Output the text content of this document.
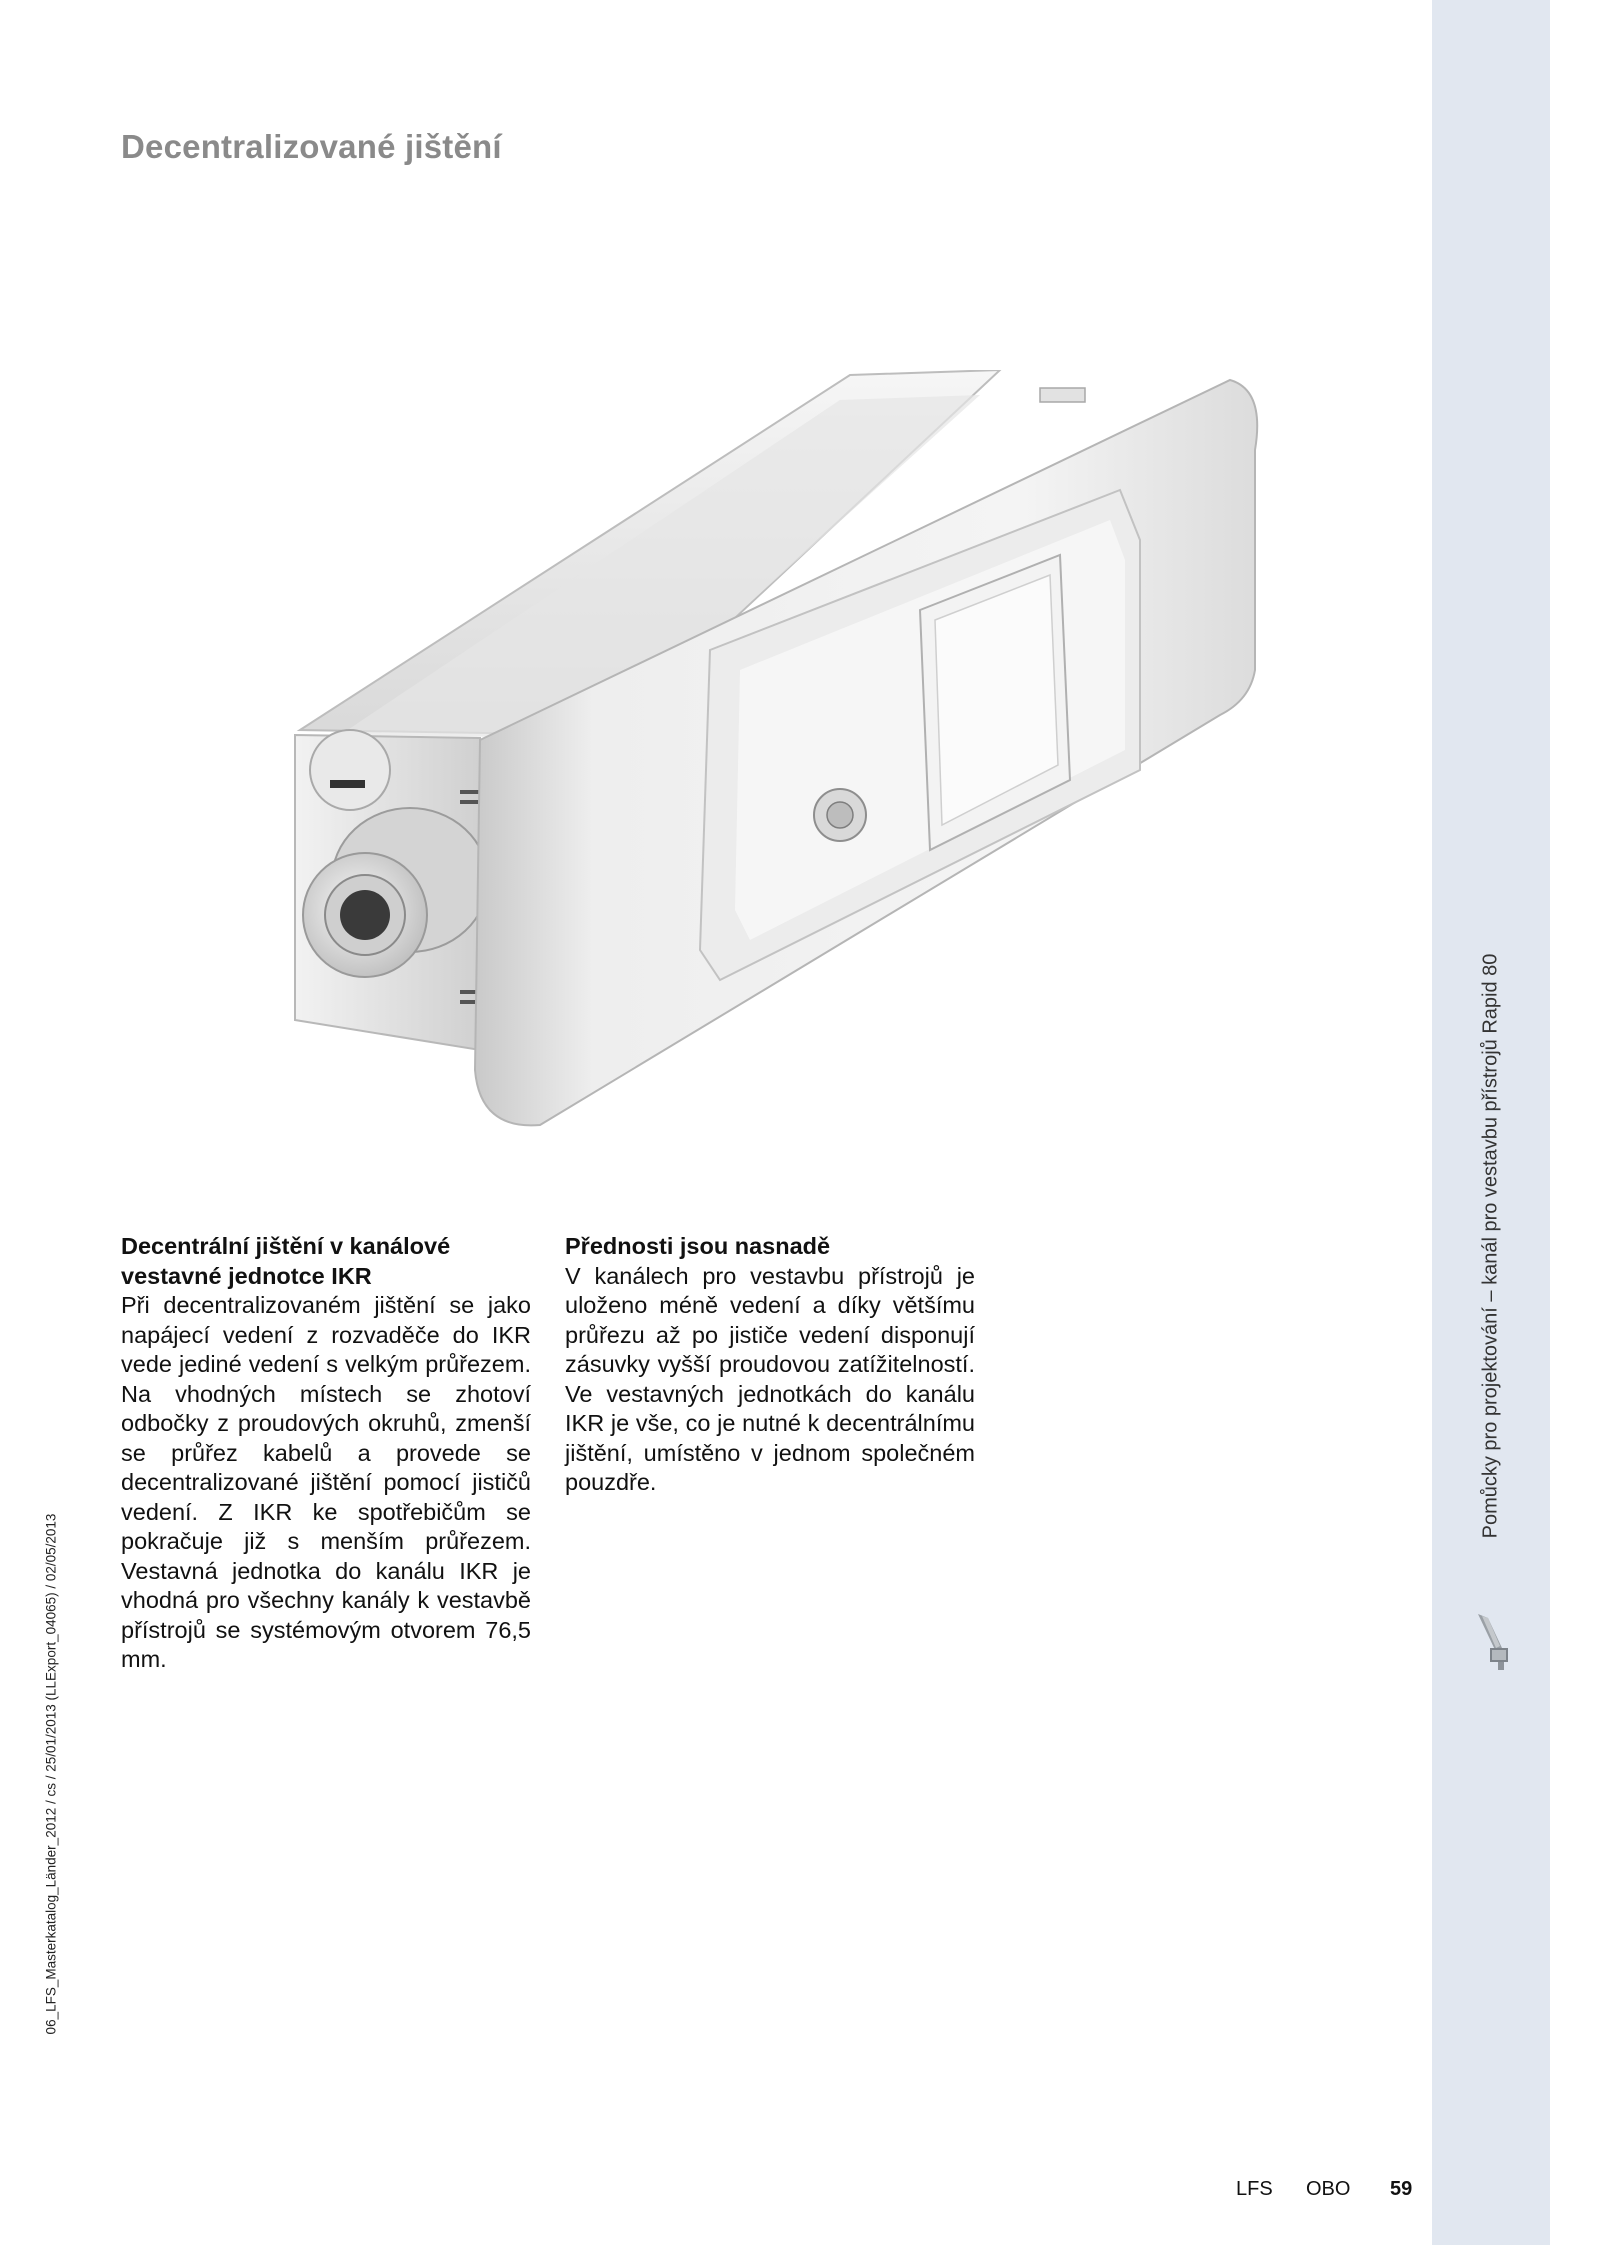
Decentralizované jištění
Pomůcky pro projektování – kanál pro vestavbu přístrojů Rapid 80
06_LFS_Masterkatalog_Länder_2012 / cs / 25/01/2013 (LLExport_04065) / 02/05/2013
Decentrální jištění v kanálové vestavné jednotce IKR

Při decentralizovaném jištění se jako napájecí vedení z rozvaděče do IKR vede jediné vedení s velkým průřezem. Na vhodných místech se zhotoví odbočky z proudových okruhů, zmenší se průřez kabelů a provede se decentralizované jištění pomocí jističů vedení. Z IKR ke spotřebičům se pokračuje již s menším průřezem. Vestavná jednotka do kanálu IKR je vhodná pro všechny kanály k vestavbě přístrojů se systémovým otvorem 76,5 mm.

Přednosti jsou nasnadě

V kanálech pro vestavbu přístrojů je uloženo méně vedení a díky většímu průřezu až po jističe vedení disponují zásuvky vyšší proudovou zatížitelností. Ve vestavných jednotkách do kanálu IKR je vše, co je nutné k decentrálnímu jištění, umístěno v jednom společném pouzdře.

LFS OBO 59
